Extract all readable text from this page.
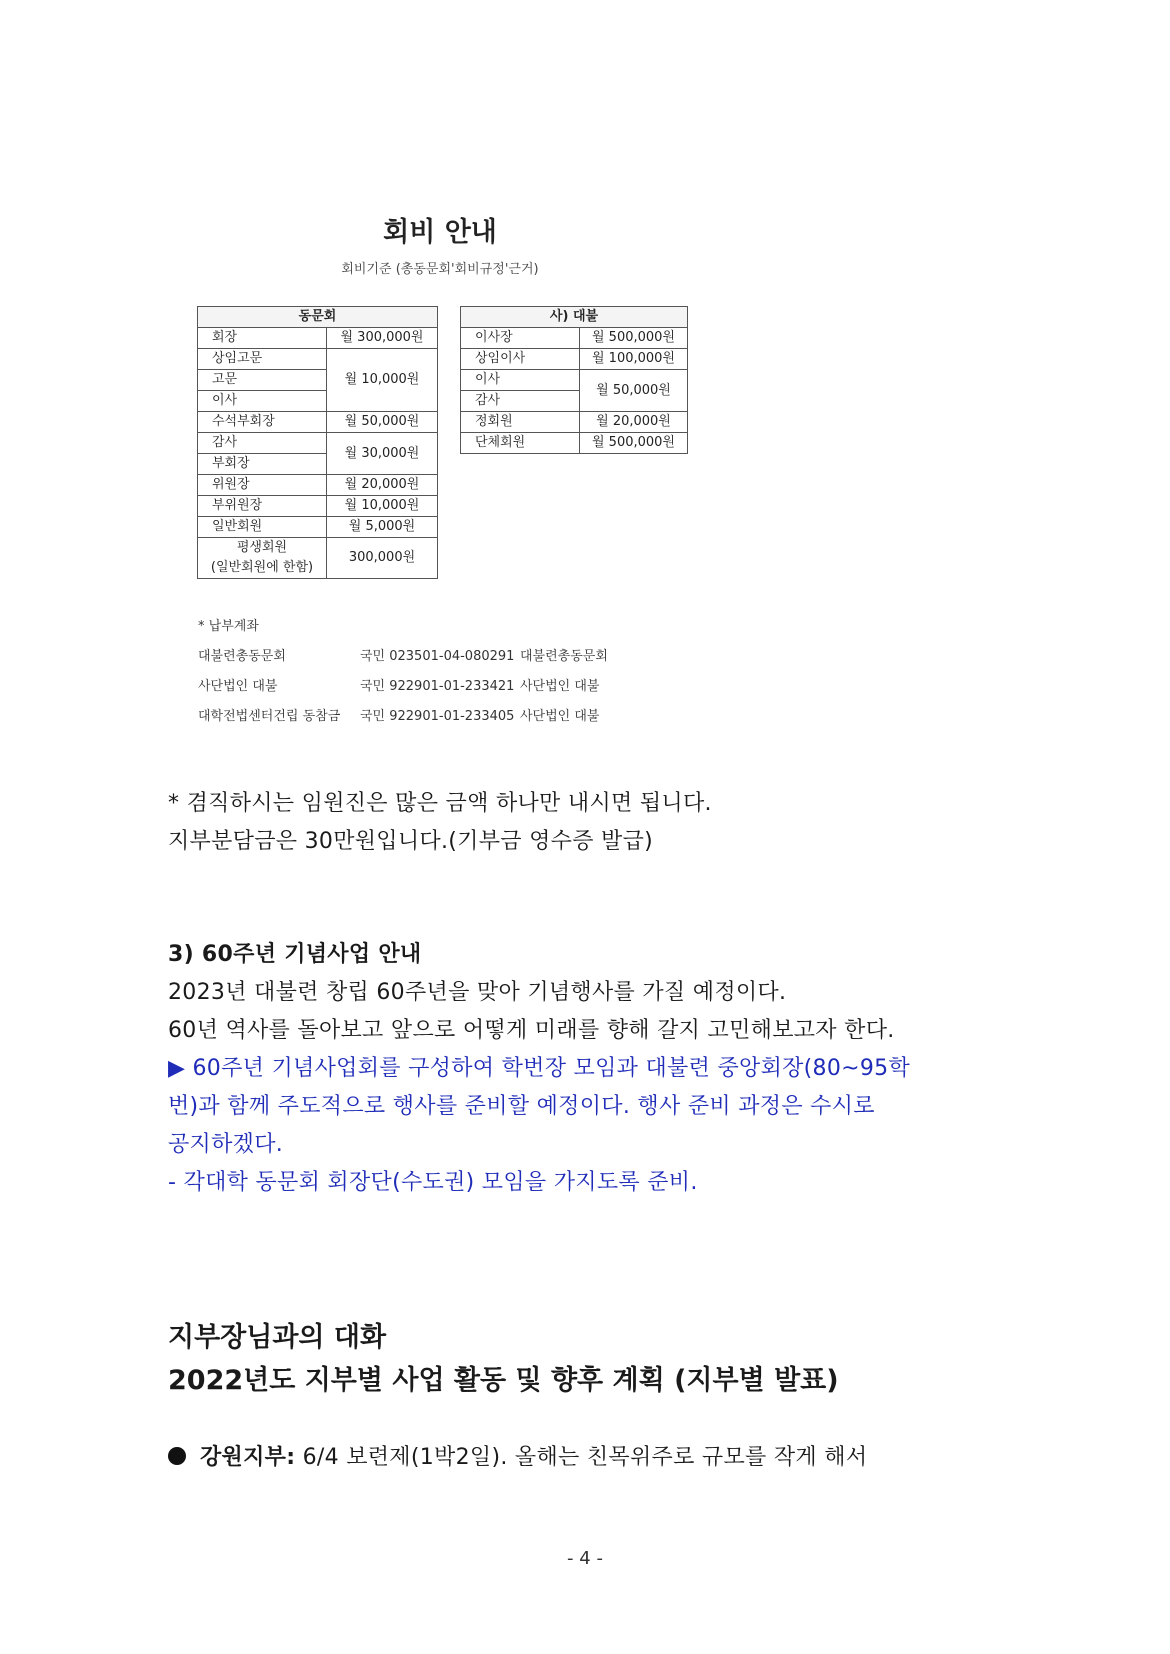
회비 안내
회비기준 (총동문회'회비규정'근거)
동문회	
회장	월 300,000원
상임고문	월 10,000원
고문	
이사	
수석부회장	월 50,000원
감사	월 30,000원
부회장	
위원장	월 20,000원
부위원장	월 10,000원
일반회원	월 5,000원

평생회원
(일반회원에 한함)	300,000원
사) 대불	
이사장	월 500,000원
상임이사	월 100,000원
이사	월 50,000원
감사	
정회원	월 20,000원
단체회원	월 500,000원
* 납부계좌
대불련총동문회	국민 023501-04-080291 대불련총동문회
사단법인 대불	국민 922901-01-233421 사단법인 대불
대학전법센터건립 동참금 국민 922901-01-233405 사단법인 대불
* 겸직하시는 임원진은 많은 금액 하나만 내시면 됩니다.
지부분담금은 30만원입니다.(기부금 영수증 발급)
3) 60주년 기념사업 안내
2023년 대불련 창립 60주년을 맞아 기념행사를 가질 예정이다.
60년 역사를 돌아보고 앞으로 어떻게 미래를 향해 갈지 고민해보고자 한다.
▶ 60주년 기념사업회를 구성하여 학번장 모임과 대불련 중앙회장(80~95학
번)과 함께 주도적으로 행사를 준비할 예정이다. 행사 준비 과정은 수시로
공지하겠다.
- 각대학 동문회 회장단(수도권) 모임을 가지도록 준비.
지부장님과의 대화
2022년도 지부별 사업 활동 및 향후 계획 (지부별 발표)
강원지부: 6/4 보련제(1박2일). 올해는 친목위주로 규모를 작게 해서
- 4 -
